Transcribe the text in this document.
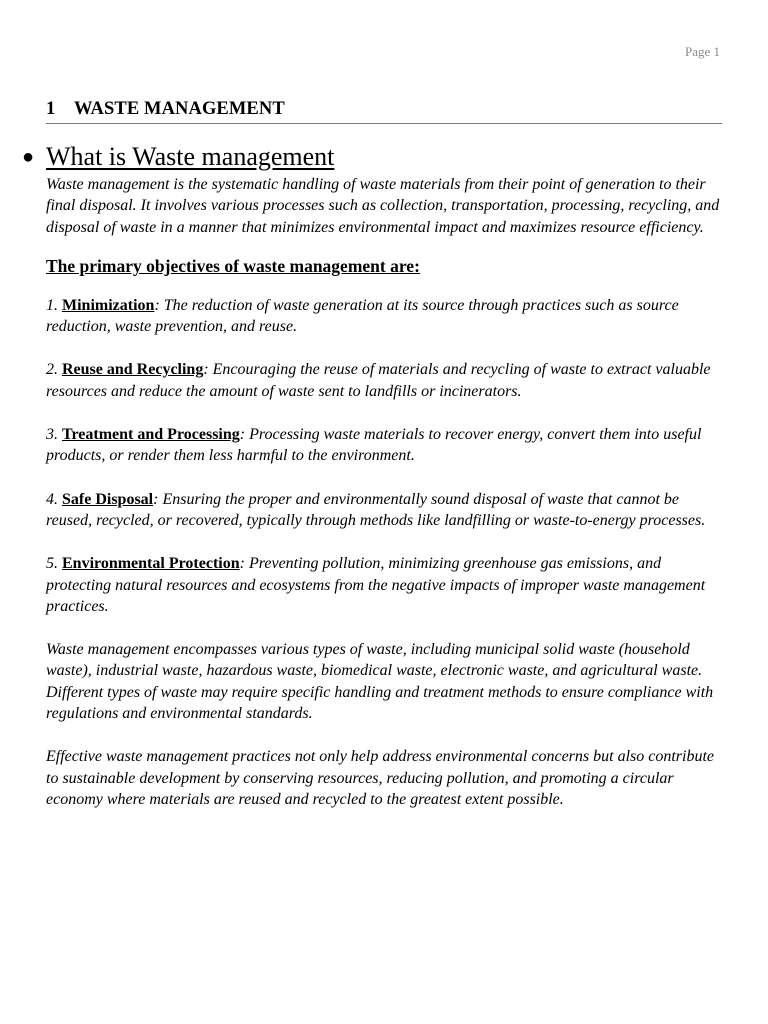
Page 1
1 WASTE MANAGEMENT
● What is Waste management

Waste management is the systematic handling of waste materials from their point of generation to their final disposal. It involves various processes such as collection, transportation, processing, recycling, and disposal of waste in a manner that minimizes environmental impact and maximizes resource efficiency.

The primary objectives of waste management are:

1. Minimization: The reduction of waste generation at its source through practices such as source reduction, waste prevention, and reuse.

2. Reuse and Recycling: Encouraging the reuse of materials and recycling of waste to extract valuable resources and reduce the amount of waste sent to landfills or incinerators.

3. Treatment and Processing: Processing waste materials to recover energy, convert them into useful products, or render them less harmful to the environment.

4. Safe Disposal: Ensuring the proper and environmentally sound disposal of waste that cannot be reused, recycled, or recovered, typically through methods like landfilling or waste-to-energy processes.

5. Environmental Protection: Preventing pollution, minimizing greenhouse gas emissions, and protecting natural resources and ecosystems from the negative impacts of improper waste management practices.

Waste management encompasses various types of waste, including municipal solid waste (household waste), industrial waste, hazardous waste, biomedical waste, electronic waste, and agricultural waste. Different types of waste may require specific handling and treatment methods to ensure compliance with regulations and environmental standards.

Effective waste management practices not only help address environmental concerns but also contribute to sustainable development by conserving resources, reducing pollution, and promoting a circular economy where materials are reused and recycled to the greatest extent possible.
